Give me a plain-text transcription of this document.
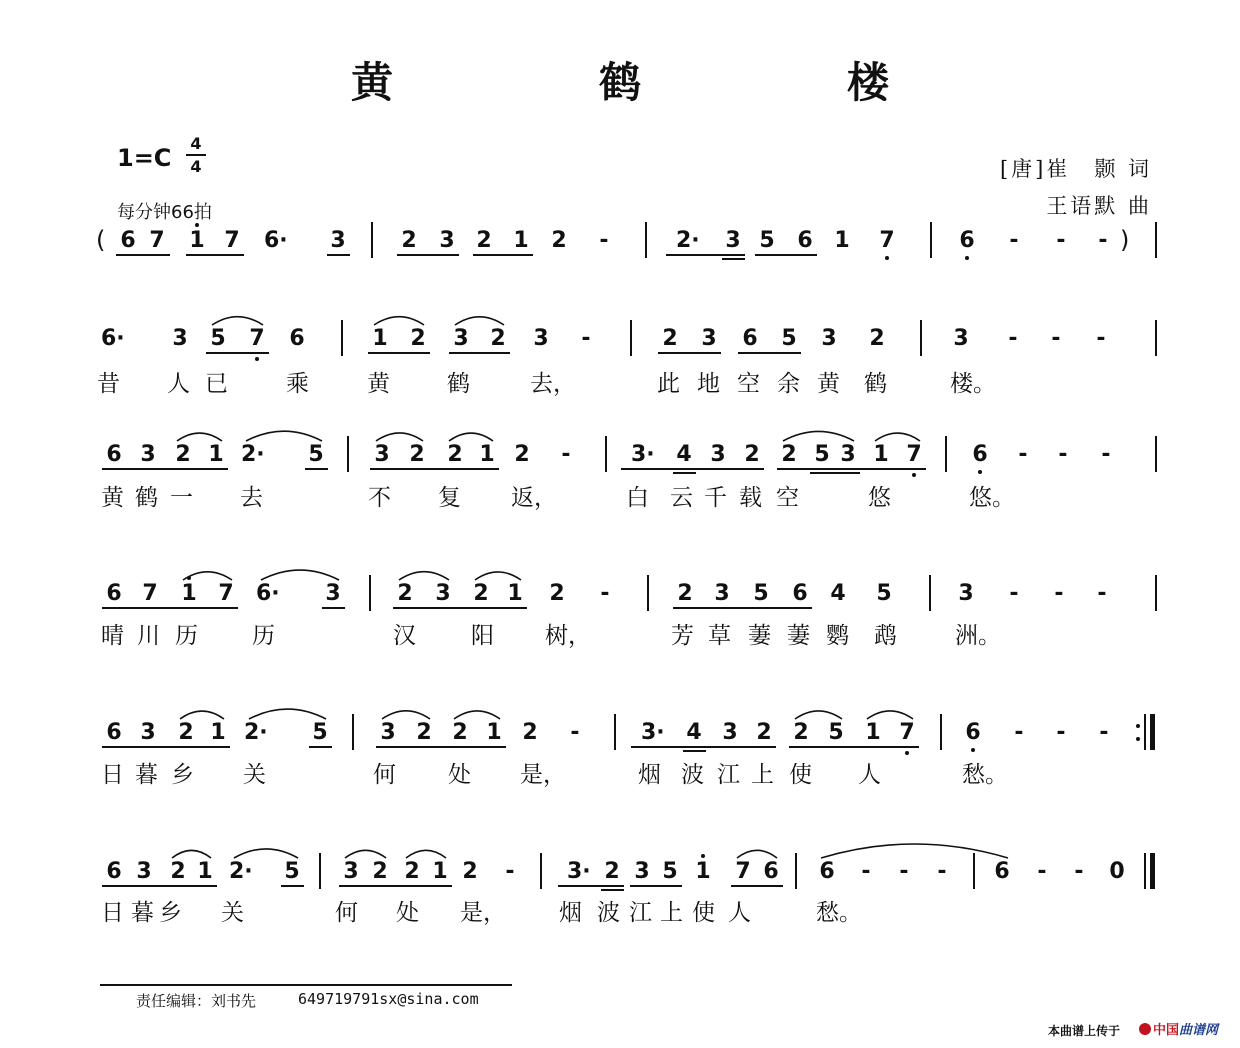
黄　鹤　楼
1=C
4
4
每分钟66拍
[唐]崔　颢 词
王语默 曲
6 7 1 7 6· 3	2 3 2 1 2 -	2· 3 5 6 1 7	6 - - -
(	)
6· 3 5 7 6	1 2 3 2 3 -	2 3 6 5 3 2	3 - - -
昔 人 已	乘	黄 鹤	去，	此 地 空 余 黄 鹤	楼。
6 3 2 1 2· 5 3 2 2 1 2 -	3· 4 3 2 2 5 3 1 7 6 - - -
黄 鹤 一 去	不 复 返，	白 云 千 载 空	悠	悠。
6 7 1 7 6· 3	2 3 2 1 2 -	2 3 5 6 4 5	3 - - -
晴 川 历 历	汉 阳 树，	芳 草 萋 萋 鹦 鹉	洲。
6 3 2 1 2· 5 3 2 2 1 2 -	3· 4 3 2 2 5 1 7 6 - - -
日 暮 乡 关	何 处 是，	烟 波 江 上 使 人	愁。
6 3 2 1 2· 5 3 2 2 1 2 - 3· 2 3 5 1 7 6 6 - - - 6 - - 0
日 暮 乡 关	何 处 是， 烟 波 江 上 使 人	愁。
责任编辑：刘书先	649719791sx@sina.com
本曲谱上传于	中国 曲谱网
